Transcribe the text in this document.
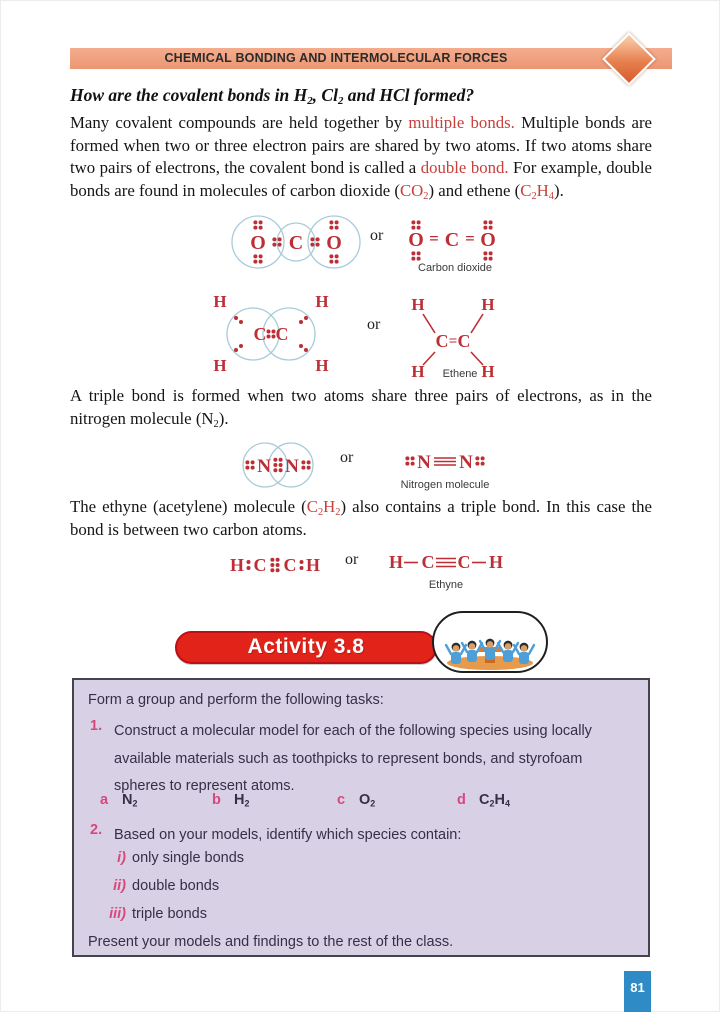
CHEMICAL BONDING AND INTERMOLECULAR FORCES
How are the covalent bonds in $H_2$, $Cl_2$ and HCl formed?
Many covalent compounds are held together by multiple bonds. Multiple bonds are formed when two or three electron pairs are shared by two atoms. If two atoms share two pairs of electrons, the covalent bond is called a double bond. For example, double bonds are found in molecules of carbon dioxide $(CO_2)$ and ethene $(C_2H_4)$.
O C O or O = C = O
Carbon dioxide
C C
H	H
H	H
or
H	H
H	H
C = C
Ethene
A triple bond is formed when two atoms share three pairs of electrons, as in the nitrogen molecule $(N_2)$.
N N	or	N N
Nitrogen molecule
The ethyne (acetylene) molecule $(C_2H_2)$ also contains a triple bond. In this case the bond is between two carbon atoms.
H C C H or H C C H
Ethyne
Activity 3.8
Form a group and perform the following tasks:
1. Construct a molecular model for each of the following species using locally available materials such as toothpicks to represent bonds, and styrofoam spheres to represent atoms.
a $N_2$	b $H_2$	c $O_2$	d $C_2H_4$
2. Based on your models, identify which species contain:
i) only single bonds
ii) double bonds
iii) triple bonds
Present your models and findings to the rest of the class.
81
